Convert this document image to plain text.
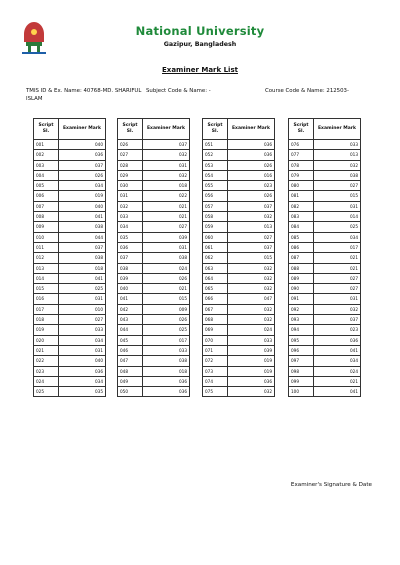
National University
Gazipur, Bangladesh
Examiner Mark List
TMIS ID & Ex. Name: 40768-MD. SHARIFUL ISLAM
Subject Code & Name: -	Course Code & Name: 212503-
Script Sl.	Examiner Mark
001	040
002	036
003	037
004	026
005	034
006	019
007	040
008	041
009	038
010	044
011	037
012	038
013	018
014	041
015	025
016	031
017	010
018	027
019	033
020	034
021	031
022	040
023	036
024	034
025	035
Script Sl.	Examiner Mark
026	037
027	032
028	031
029	032
030	018
031	022
032	021
033	021
034	027
035	039
036	031
037	038
038	024
039	026
040	021
041	015
042	009
043	026
044	025
045	017
046	033
047	038
048	018
049	036
050	036
Script Sl.	Examiner Mark
051	036
052	036
053	026
054	016
055	023
056	026
057	037
058	032
059	013
060	027
061	037
062	015
063	032
064	032
065	032
066	047
067	032
068	032
069	024
070	033
071	039
072	019
073	019
074	036
075	032
Script Sl.	Examiner Mark
076	033
077	013
078	032
079	038
080	027
081	015
082	031
083	014
084	025
085	034
086	017
087	021
088	021
089	027
090	027
091	031
092	032
093	037
094	023
095	036
096	041
097	034
098	024
099	021
100	041
Examiner's Signature & Date
